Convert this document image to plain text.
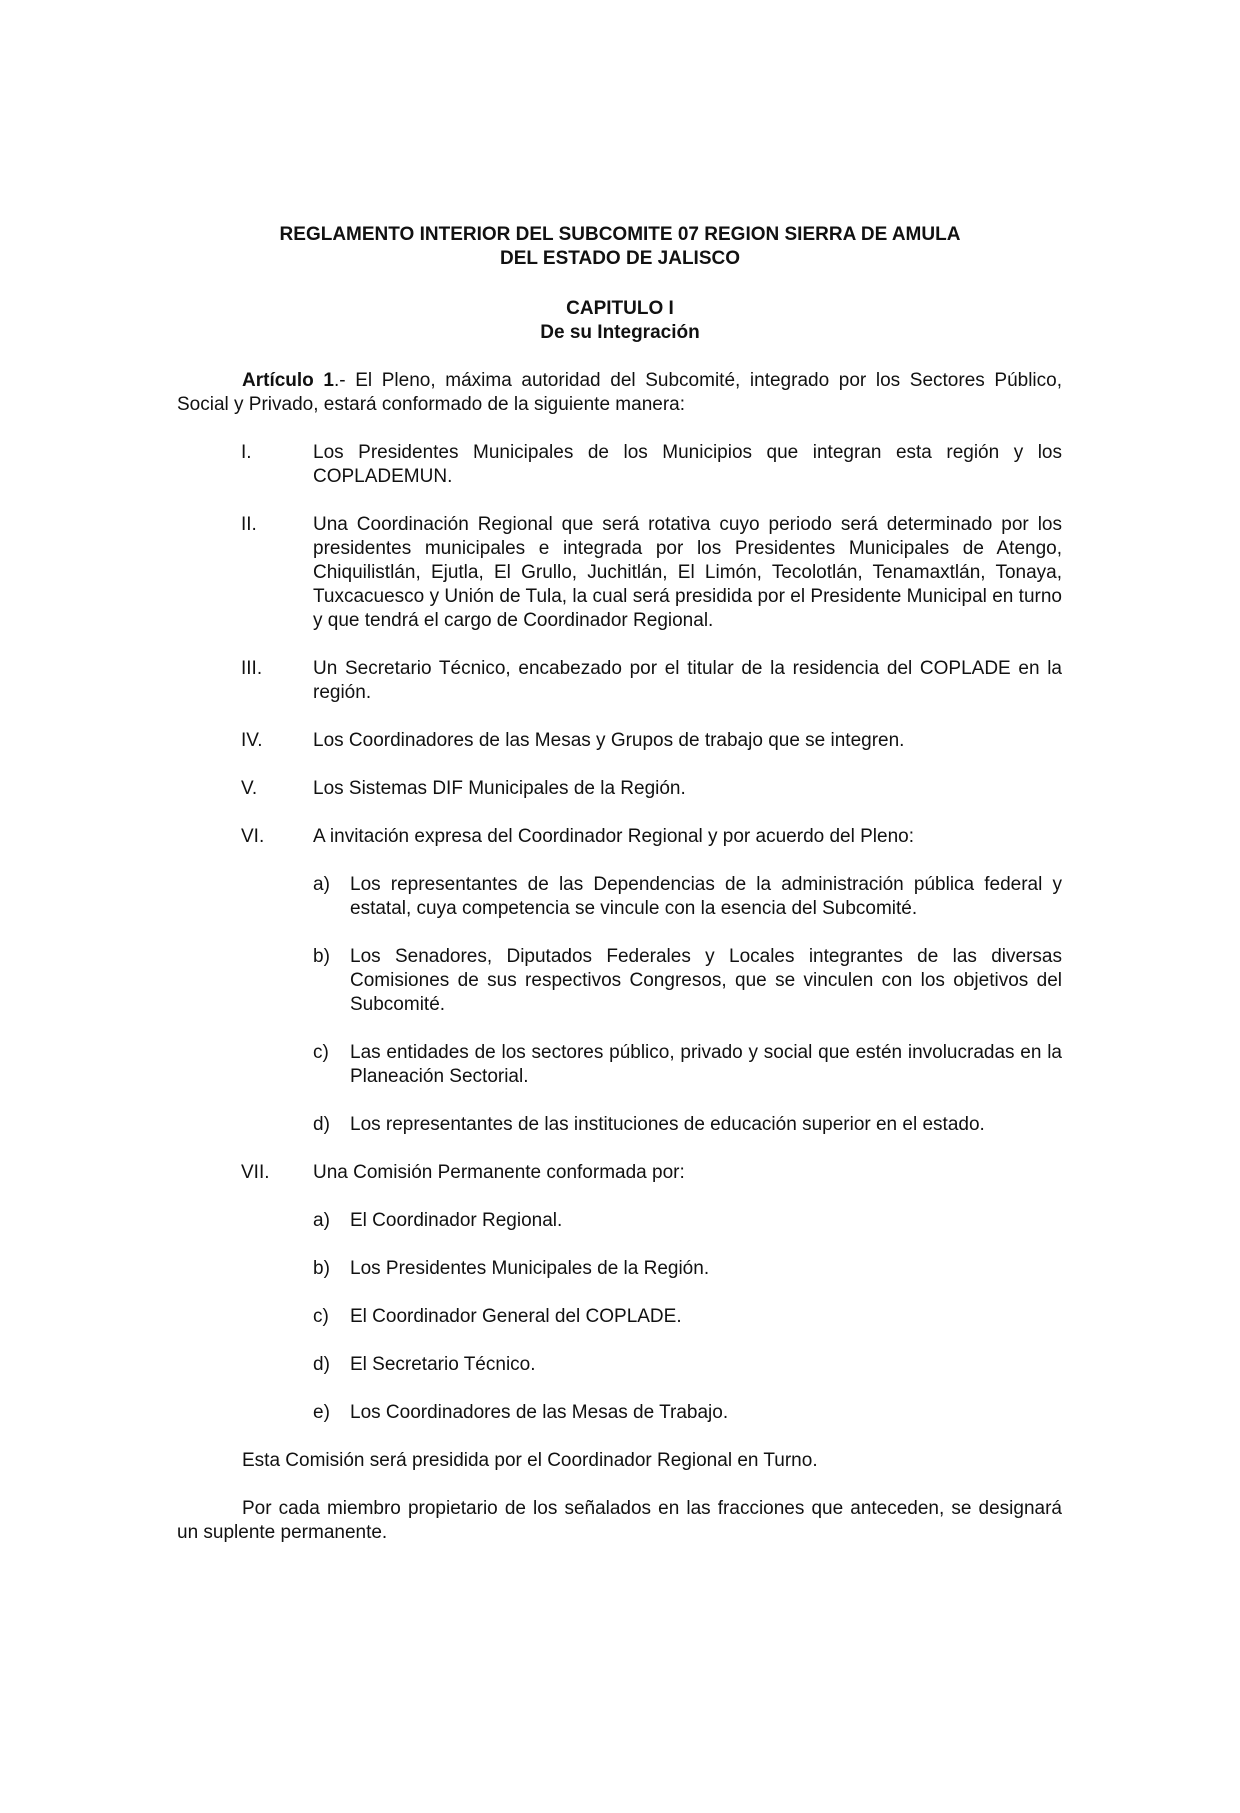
REGLAMENTO INTERIOR DEL SUBCOMITE 07 REGION SIERRA DE AMULA

DEL ESTADO DE JALISCO

CAPITULO I

De su Integración

Artículo 1.- El Pleno, máxima autoridad del Subcomité, integrado por los Sectores Público, Social y Privado, estará conformado de la siguiente manera:

I.	Los Presidentes Municipales de los Municipios que integran esta región y los COPLADEMUN.

II.	Una Coordinación Regional que será rotativa cuyo periodo será determinado por los presidentes municipales e integrada por los Presidentes Municipales de Atengo, Chiquilistlán, Ejutla, El Grullo, Juchitlán, El Limón, Tecolotlán, Tenamaxtlán, Tonaya, Tuxcacuesco y Unión de Tula, la cual será presidida por el Presidente Municipal en turno y que tendrá el cargo de Coordinador Regional.

III.	Un Secretario Técnico, encabezado por el titular de la residencia del COPLADE en la región.

IV.	Los Coordinadores de las Mesas y Grupos de trabajo que se integren.

V.	Los Sistemas DIF Municipales de la Región.

VI.	A invitación expresa del Coordinador Regional y por acuerdo del Pleno:

a)	Los representantes de las Dependencias de la administración pública federal y estatal, cuya competencia se vincule con la esencia del Subcomité.

b)	Los Senadores, Diputados Federales y Locales integrantes de las diversas Comisiones de sus respectivos Congresos, que se vinculen con los objetivos del Subcomité.

c)	Las entidades de los sectores público, privado y social que estén involucradas en la Planeación Sectorial.

d)	Los representantes de las instituciones de educación superior en el estado.

VII.	Una Comisión Permanente conformada por:

a)	El Coordinador Regional.

b)	Los Presidentes Municipales de la Región.

c)	El Coordinador General del COPLADE.

d)	El Secretario Técnico.

e)	Los Coordinadores de las Mesas de Trabajo.

Esta Comisión será presidida por el Coordinador Regional en Turno.

Por cada miembro propietario de los señalados en las fracciones que anteceden, se designará un suplente permanente.
